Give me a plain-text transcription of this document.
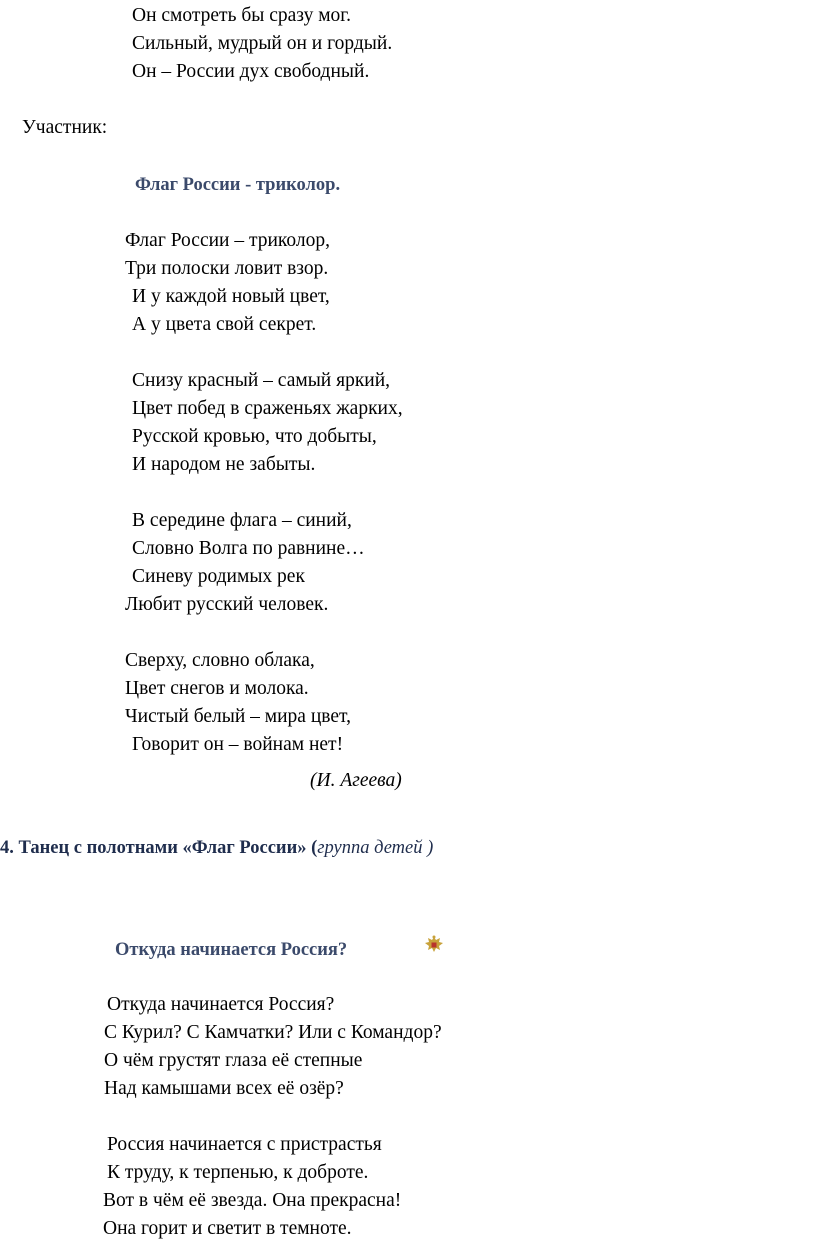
Он смотреть бы сразу мог.
Сильный, мудрый он и гордый.
Он – России дух свободный.
Участник:
Флаг России - триколор.
Флаг России – триколор,
Три полоски ловит взор.
И у каждой новый цвет,
А у цвета свой секрет.
Снизу красный – самый яркий,
Цвет побед в сраженьях жарких,
Русской кровью, что добыты,
И народом не забыты.
В середине флага – синий,
Словно Волга по равнине…
Синеву родимых рек
Любит русский человек.
Сверху, словно облака,
Цвет снегов и молока.
Чистый белый – мира цвет,
Говорит он – войнам нет!
(И. Агеева)
4. Танец с полотнами «Флаг России» (группа детей )
Откуда начинается Россия?
Откуда начинается Россия?
С Курил? С Камчатки? Или с Командор?
О чём грустят глаза её степные
Над камышами всех её озёр?
Россия начинается с пристрастья
К труду, к терпенью, к доброте.
Вот в чём её звезда. Она прекрасна!
Она горит и светит в темноте.
